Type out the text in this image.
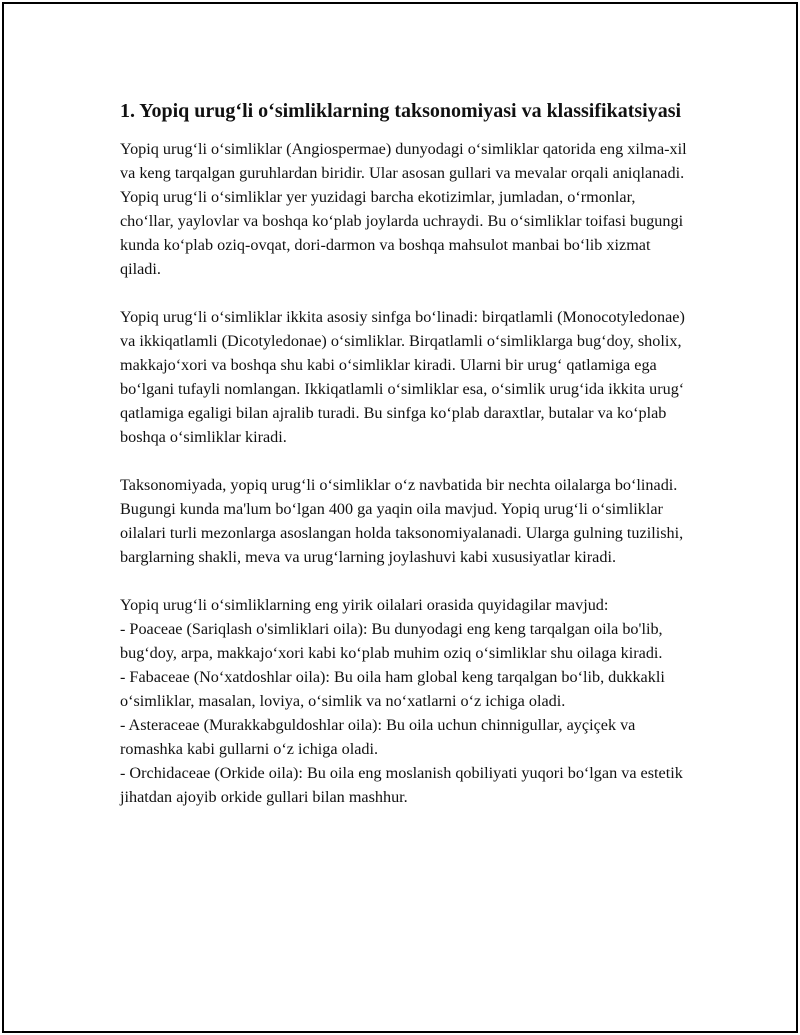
1. Yopiq urug‘li o‘simliklarning taksonomiyasi va klassifikatsiyasi

Yopiq urug‘li o‘simliklar (Angiospermae) dunyodagi o‘simliklar qatorida eng xilma-xil va keng tarqalgan guruhlardan biridir. Ular asosan gullari va mevalar orqali aniqlanadi. Yopiq urug‘li o‘simliklar yer yuzidagi barcha ekotizimlar, jumladan, o‘rmonlar, cho‘llar, yaylovlar va boshqa ko‘plab joylarda uchraydi. Bu o‘simliklar toifasi bugungi kunda ko‘plab oziq-ovqat, dori-darmon va boshqa mahsulot manbai bo‘lib xizmat qiladi.

Yopiq urug‘li o‘simliklar ikkita asosiy sinfga bo‘linadi: birqatlamli (Monocotyledonae) va ikkiqatlamli (Dicotyledonae) o‘simliklar. Birqatlamli o‘simliklarga bug‘doy, sholix, makkajo‘xori va boshqa shu kabi o‘simliklar kiradi. Ularni bir urug‘ qatlamiga ega bo‘lgani tufayli nomlangan. Ikkiqatlamli o‘simliklar esa, o‘simlik urug‘ida ikkita urug‘ qatlamiga egaligi bilan ajralib turadi. Bu sinfga ko‘plab daraxtlar, butalar va ko‘plab boshqa o‘simliklar kiradi.

Taksonomiyada, yopiq urug‘li o‘simliklar o‘z navbatida bir nechta oilalarga bo‘linadi. Bugungi kunda ma'lum bo‘lgan 400 ga yaqin oila mavjud. Yopiq urug‘li o‘simliklar oilalari turli mezonlarga asoslangan holda taksonomiyalanadi. Ularga gulning tuzilishi, barglarning shakli, meva va urug‘larning joylashuvi kabi xususiyatlar kiradi.

Yopiq urug‘li o‘simliklarning eng yirik oilalari orasida quyidagilar mavjud:

- Poaceae (Sariqlash o'simliklari oila): Bu dunyodagi eng keng tarqalgan oila bo'lib, bug‘doy, arpa, makkajo‘xori kabi ko‘plab muhim oziq o‘simliklar shu oilaga kiradi.

- Fabaceae (No‘xatdoshlar oila): Bu oila ham global keng tarqalgan bo‘lib, dukkakli o‘simliklar, masalan, loviya, o‘simlik va no‘xatlarni o‘z ichiga oladi.

- Asteraceae (Murakkabguldoshlar oila): Bu oila uchun chinnigullar, ayçiçek va romashka kabi gullarni o‘z ichiga oladi.

- Orchidaceae (Orkide oila): Bu oila eng moslanish qobiliyati yuqori bo‘lgan va estetik jihatdan ajoyib orkide gullari bilan mashhur.
